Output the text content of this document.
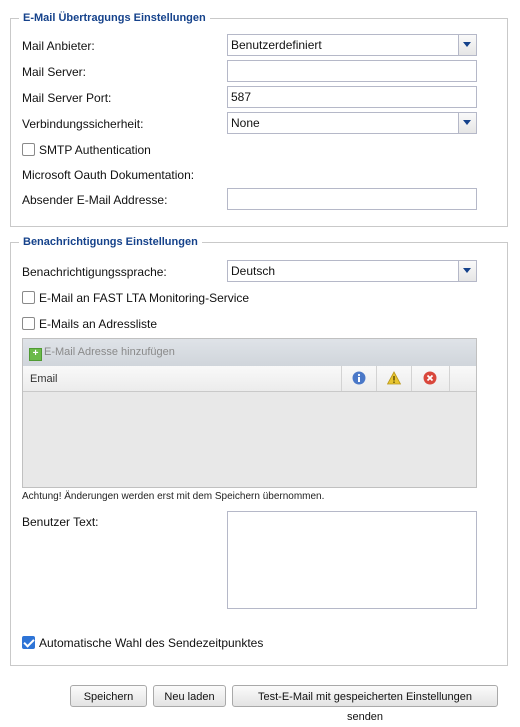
E-Mail Übertragungs Einstellungen
Mail Anbieter:	Benutzerdefiniert
Mail Server:
Mail Server Port:	587
Verbindungssicherheit:	None
SMTP Authentication
Microsoft Oauth Dokumentation:
Absender E-Mail Addresse:
Benachrichtigungs Einstellungen
Benachrichtigungssprache:	Deutsch
E-Mail an FAST LTA Monitoring-Service
E-Mails an Adressliste
+ E-Mail Adresse hinzufügen
Email
Achtung! Änderungen werden erst mit dem Speichern übernommen.
Benutzer Text:
Automatische Wahl des Sendezeitpunktes
Speichern	Neu laden	Test-E-Mail mit gespeicherten Einstellungen senden
